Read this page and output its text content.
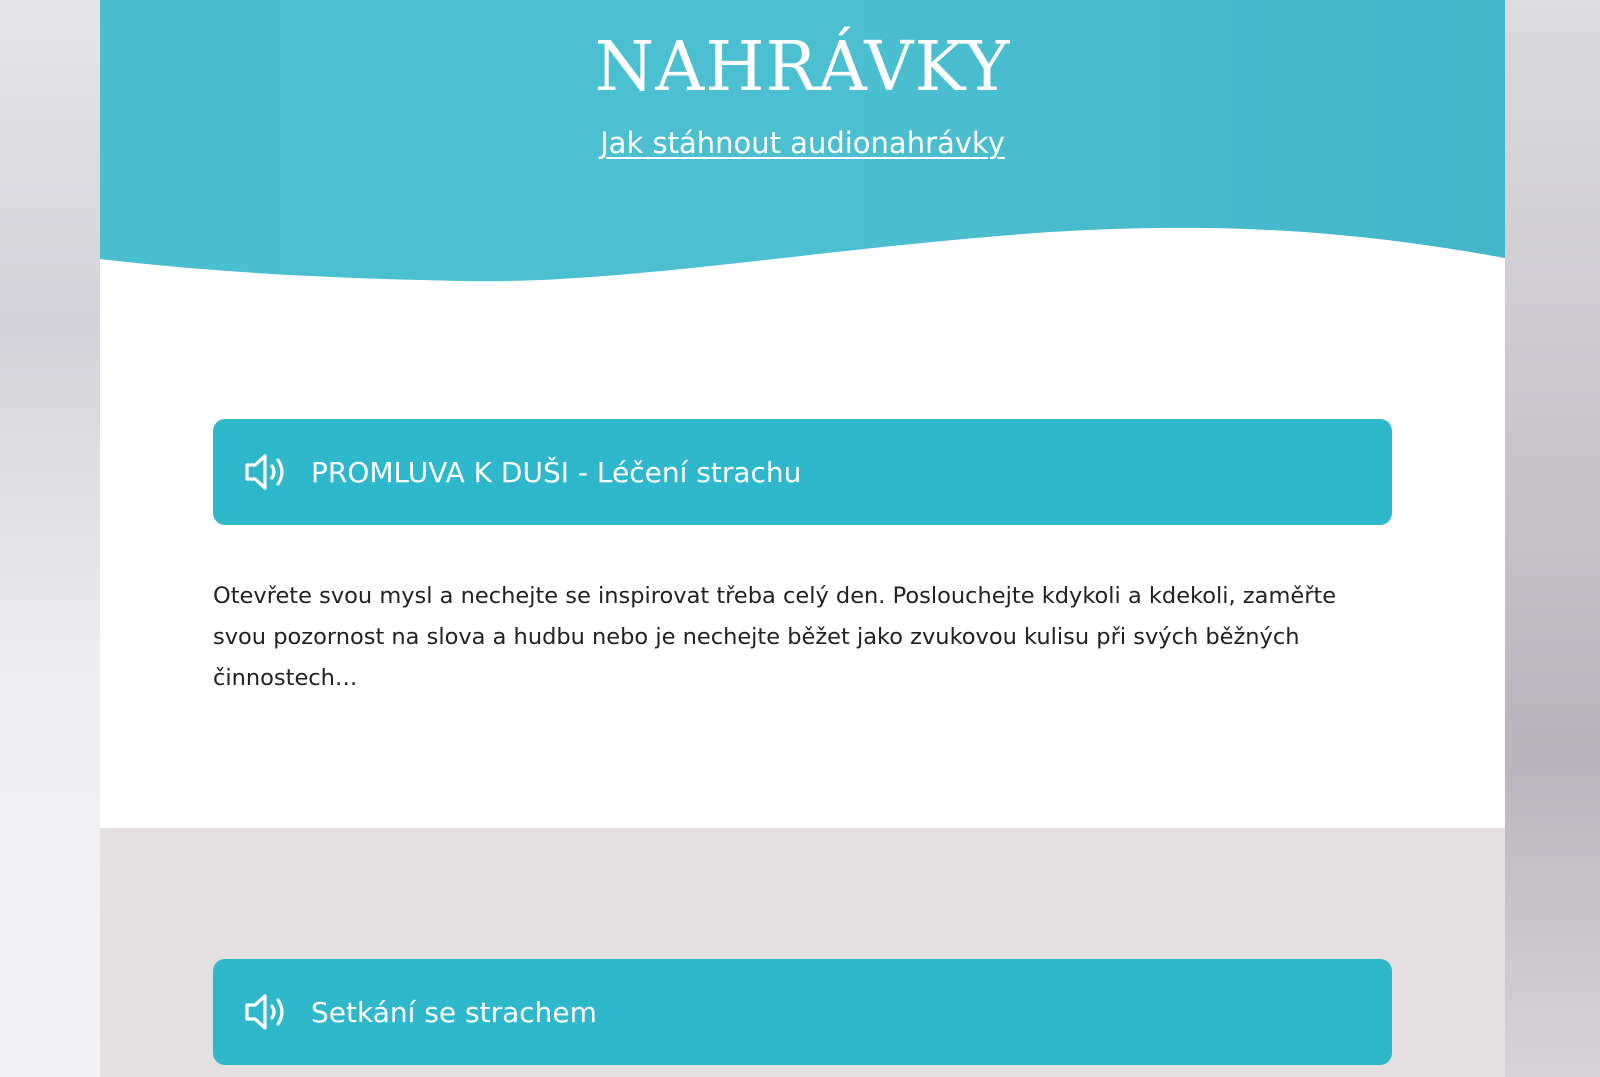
NAHRÁVKY
Jak stáhnout audionahrávky
PROMLUVA K DUŠI - Léčení strachu

Otevřete svou mysl a nechejte se inspirovat třeba celý den. Poslouchejte kdykoli a kdekoli, zaměřte svou pozornost na slova a hudbu nebo je nechejte běžet jako zvukovou kulisu při svých běžných činnostech…

Setkání se strachem
